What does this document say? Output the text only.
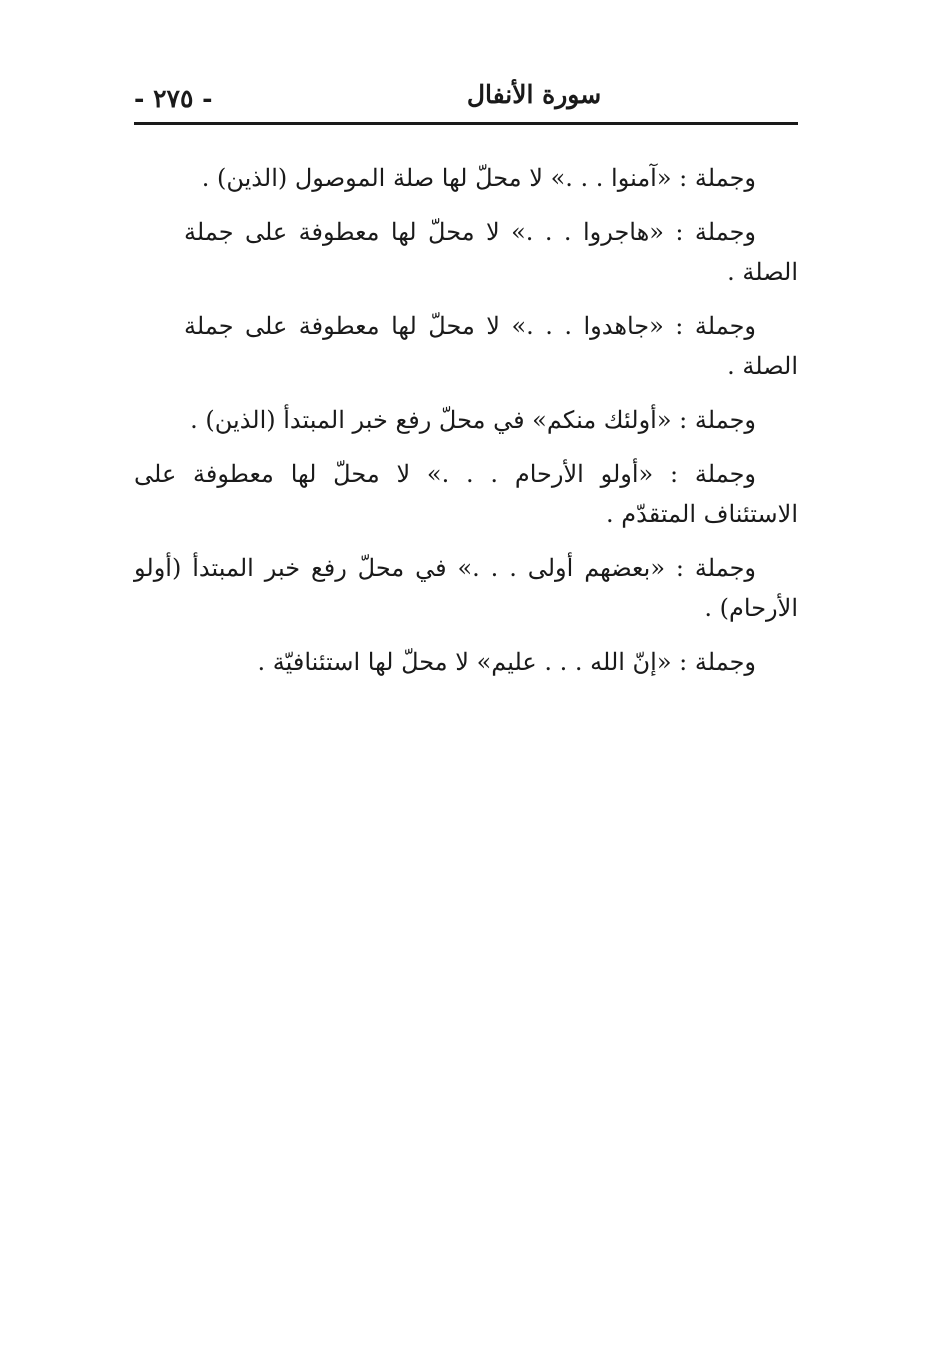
- ٢٧٥ -	سورة الأنفال

وجملة : «آمنوا . . .» لا محلّ لها صلة الموصول (الذين) .

وجملة : «هاجروا . . .» لا محلّ لها معطوفة على جملة الصلة .

وجملة : «جاهدوا . . .» لا محلّ لها معطوفة على جملة الصلة .

وجملة : «أولئك منكم» في محلّ رفع خبر المبتدأ (الذين) .

وجملة : «أولو الأرحام . . .» لا محلّ لها معطوفة على الاستئناف المتقدّم .

وجملة : «بعضهم أولى . . .» في محلّ رفع خبر المبتدأ (أولو الأرحام) .

وجملة : «إنّ الله . . . عليم» لا محلّ لها استئنافيّة .
